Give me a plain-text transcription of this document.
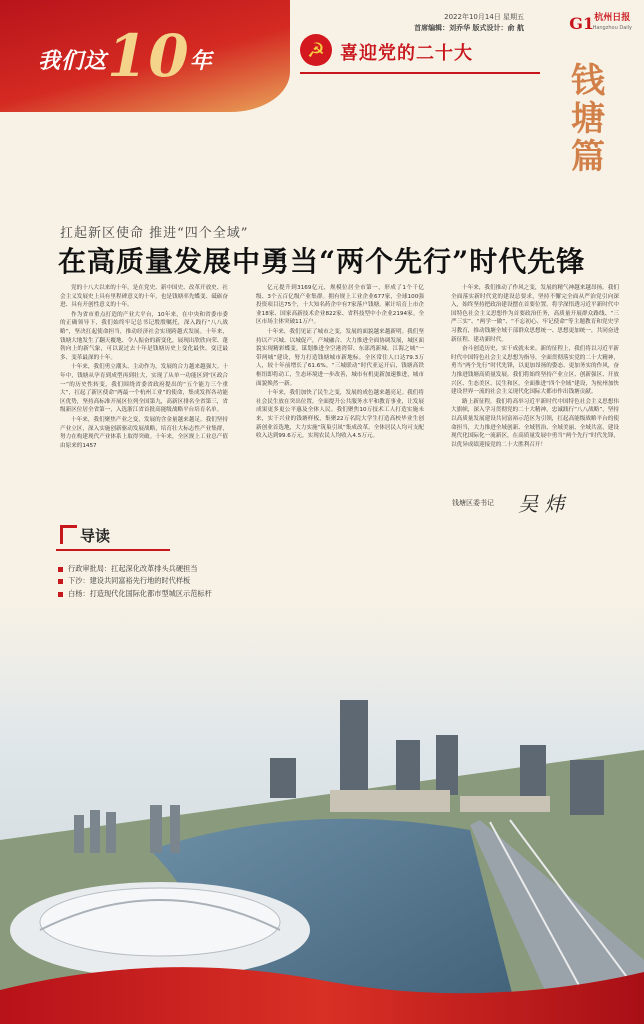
我们这10年
2022年10月14日 星期五
首席编辑：刘乔华 版式设计：俞 航	G1 杭州日报
Hangzhou Daily
☭ 喜迎党的二十大
钱塘篇
扛起新区使命 推进“四个全域”
在高质量发展中勇当“两个先行”时代先锋

党的十八大以来的十年，是在党史、新中国史、改革开放史、社会主义发展史上具有里程碑意义的十年，也是钱塘率先蝶变、砥砺奋进、具有开创性意义的十年。

作为省市重点打造的产业大平台，10年来，在中央和省委市委的正确领导下，我们始终牢记总书记殷殷嘱托，深入践行“八八战略”，坚决扛起使命担当，推动经济社会实现跨越式发展。十年来，钱塘大地发生了翻天覆地、令人振奋的新变化，展现出欣欣向荣、蓬勃向上的新气象，可以说过去十年是钱塘历史上变化最快、变迁最多、变革最深的十年。

十年来，我们勇立潮头、主动作为，发展的合力越来越强大。十年中，钱塘从孕育到成型再到壮大，实现了从单一功能区到“区政合一”的历史性转变，我们围绕省委省政府提出的“五个能力三个重大”，扛起了新区使命“两最一个杭州工业”的使命，集成发挥各功能区优势，坚持高标准开展区位列全国第九，高新区排名全省第三，省级新区位居全省第一，入选浙江省首批高能级战略平台培育名单。

十年来，我们聚焦产业之变，发展的含金量越来越足。我们坚持产业立区，深入实施创新驱动发展战略，培育壮大标志性产业集群，努力在构建现代产业体系上取得突破。十年来，全区规上工业总产值由原来的1457

亿元提升到3169亿元，规模位居全市第一，形成了1个千亿级、3个五百亿级产业集群。拥有规上工业企业677家，全球100强投资项目达75个，十大知名药企中有7家落户钱塘。累计培育上市企业18家、国家高新技术企业822家、省科技型中小企业2194家。全区市场主体突破11万户。

十年来，我们见证了城市之变，发展的面貌越来越新明。我们坚持以产兴城、以城促产，产城融合、大力推进全面协调发展，城区面貌实现精彩蝶变。谋划推进全空港湾带、东部湾新城、江海之城“一带两城”建设，努力打造钱塘城市新地标。全区常住人口达79.3万人，较十年前增长了61.6%。“三城联动”时代亚运开启，钱塘高铁枢纽即将动工，生态环境进一步改善，城市有机更新加速推进，城市面貌焕然一新。

十年来，我们加快了民生之变，发展的成色越来越亮足。我们将社会民生放在突出位置，全面提升公共服务水平和教育事业，让发展成果更多更公平惠及全体人民。我们聚焦10万技术工人打造实施未来，实干兴业的钱塘样板，集聚22万名院大学生打造高校毕业生创新创业首选地，大力实施“筑巢引凤”集成改革。全体居民人均可支配收入达到99.6万元，实现农民人均收入4.5万元。

十年来，我们推动了作风之变，发展的精气神越来越昂扬。我们全面落实新时代党的建设总要求，坚持不懈完全面从严治党引向深入，始终坚持把政治建设摆在首要位置。将学深悟透习近平新时代中国特色社会主义思想作为首要政治任务，高质量开展群众路线、“三严三实”、“两学一做”、“不忘初心、牢记使命”等主题教育和党史学习教育，推动钱塘全域干部群众思想统一、思想更加统一，共同奋进新征程、建功新时代。

奋斗创造历史，实干成就未来。新的征程上，我们将以习近平新时代中国特色社会主义思想为指导，全面贯彻落实党的二十大精神，勇当“两个先行”时代先锋，以更加昂扬的姿态、更加务实的作风，奋力推进钱塘高质量发展。我们将始终坚持产业立区、创新强区、开放兴区、生态美区、民生和区，全面推进“四个全域”建设，为杭州加快建设世界一流的社会主义现代化国际大都市作出钱塘贡献。

路上新征程，我们将高举习近平新时代中国特色社会主义思想伟大旗帜，深入学习贯彻党的二十大精神，忠诚践行“八八战略”，坚持以高质量发展建设共同富裕示范区为引领，扛起高能级战略平台的使命担当，大力推进全域创新、全域智治、全域美丽、全域共富，建设现代化国际化一流新区，在高质量发展中勇当“两个先行”时代先锋，以优异成绩迎接党的二十大胜利召开！

钱塘区委书记 吴 炜
导读
行政审批局：扛起深化改革排头兵硬担当
下沙：建设共同富裕先行地的时代样板
白杨：打造现代化国际化都市型城区示范标杆
